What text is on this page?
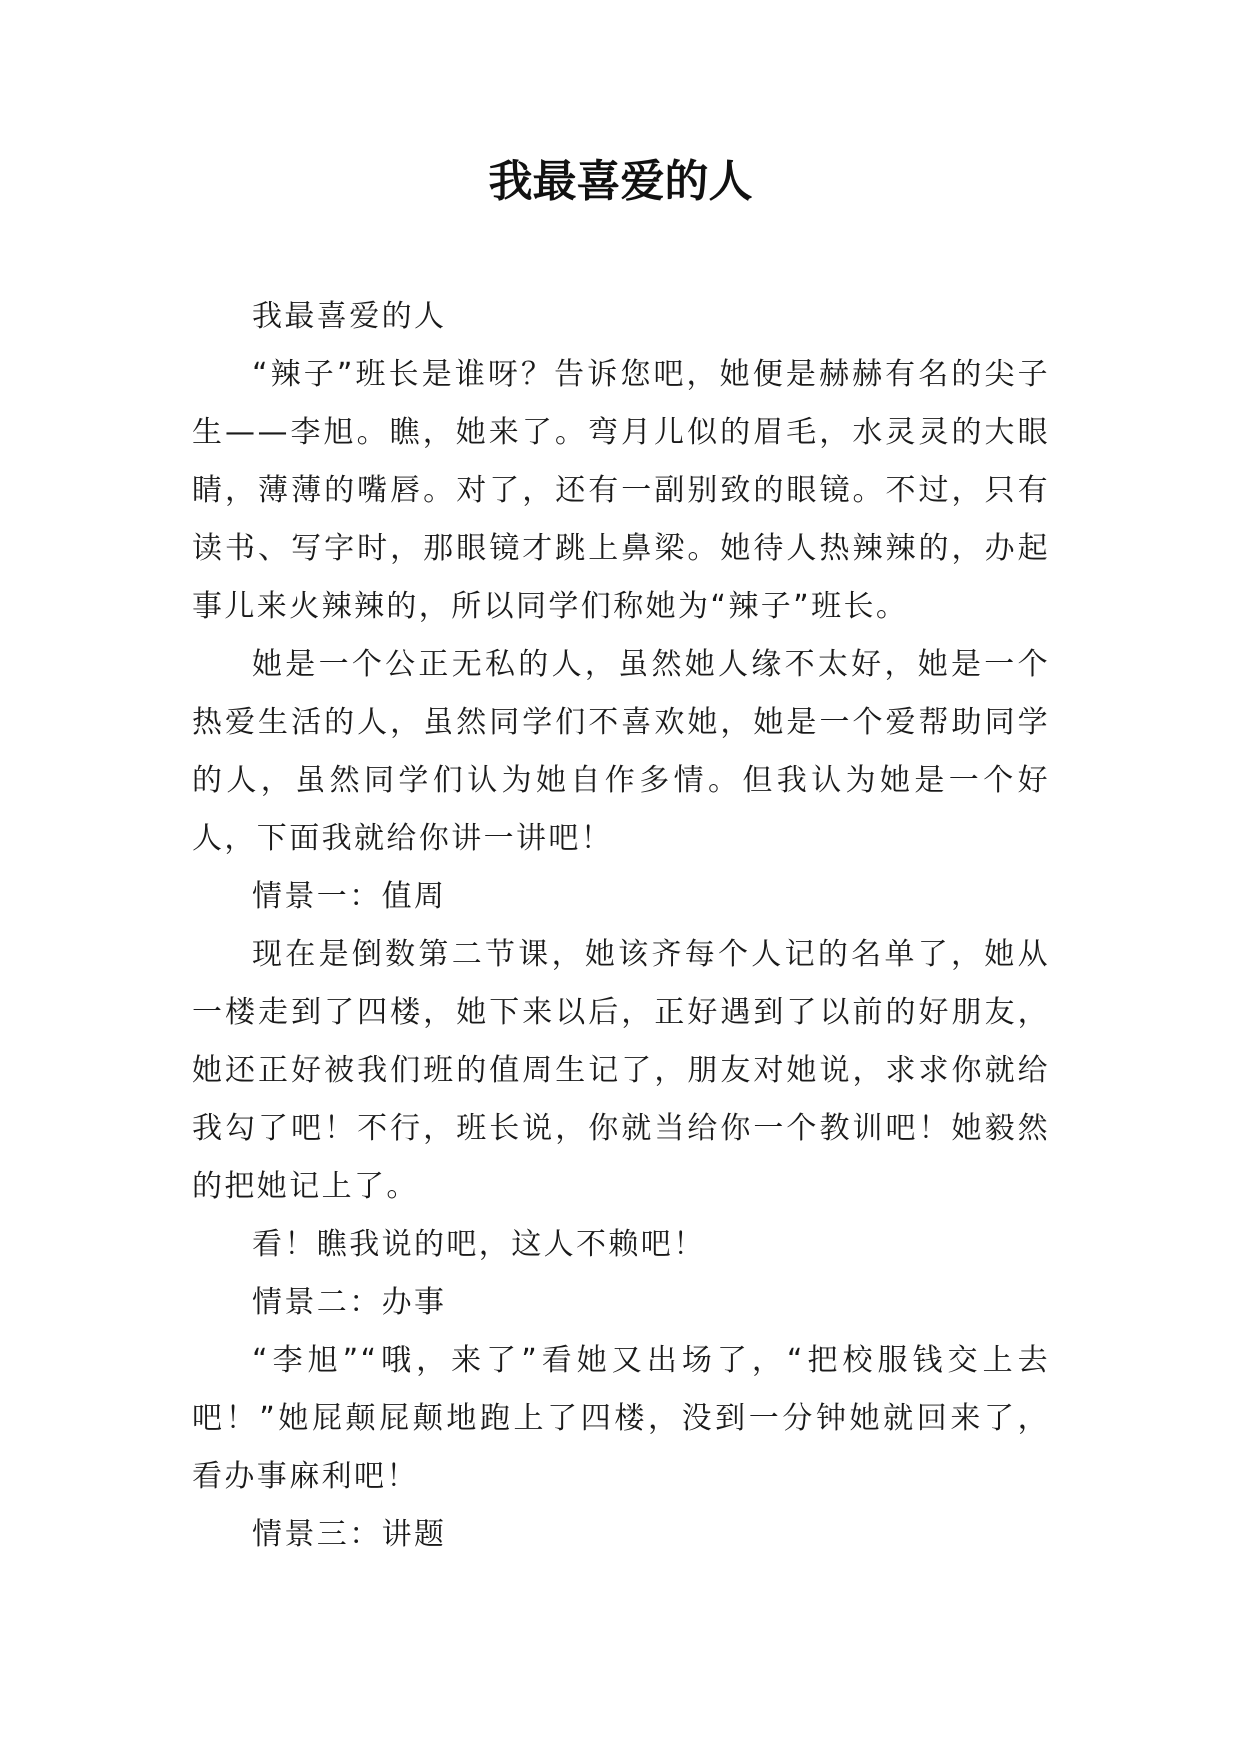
我最喜爱的人

我最喜爱的人

“辣子”班长是谁呀？告诉您吧，她便是赫赫有名的尖子生——李旭。瞧，她来了。弯月儿似的眉毛，水灵灵的大眼睛，薄薄的嘴唇。对了，还有一副别致的眼镜。不过，只有读书、写字时，那眼镜才跳上鼻梁。她待人热辣辣的，办起事儿来火辣辣的，所以同学们称她为“辣子”班长。

她是一个公正无私的人，虽然她人缘不太好，她是一个热爱生活的人，虽然同学们不喜欢她，她是一个爱帮助同学的人，虽然同学们认为她自作多情。但我认为她是一个好人，下面我就给你讲一讲吧！

情景一：值周

现在是倒数第二节课，她该齐每个人记的名单了，她从一楼走到了四楼，她下来以后，正好遇到了以前的好朋友，她还正好被我们班的值周生记了，朋友对她说，求求你就给我勾了吧！不行，班长说，你就当给你一个教训吧！她毅然的把她记上了。

看！瞧我说的吧，这人不赖吧！

情景二：办事

“李旭”“哦，来了”看她又出场了，“把校服钱交上去吧！”她屁颠屁颠地跑上了四楼，没到一分钟她就回来了，看办事麻利吧！

情景三：讲题
